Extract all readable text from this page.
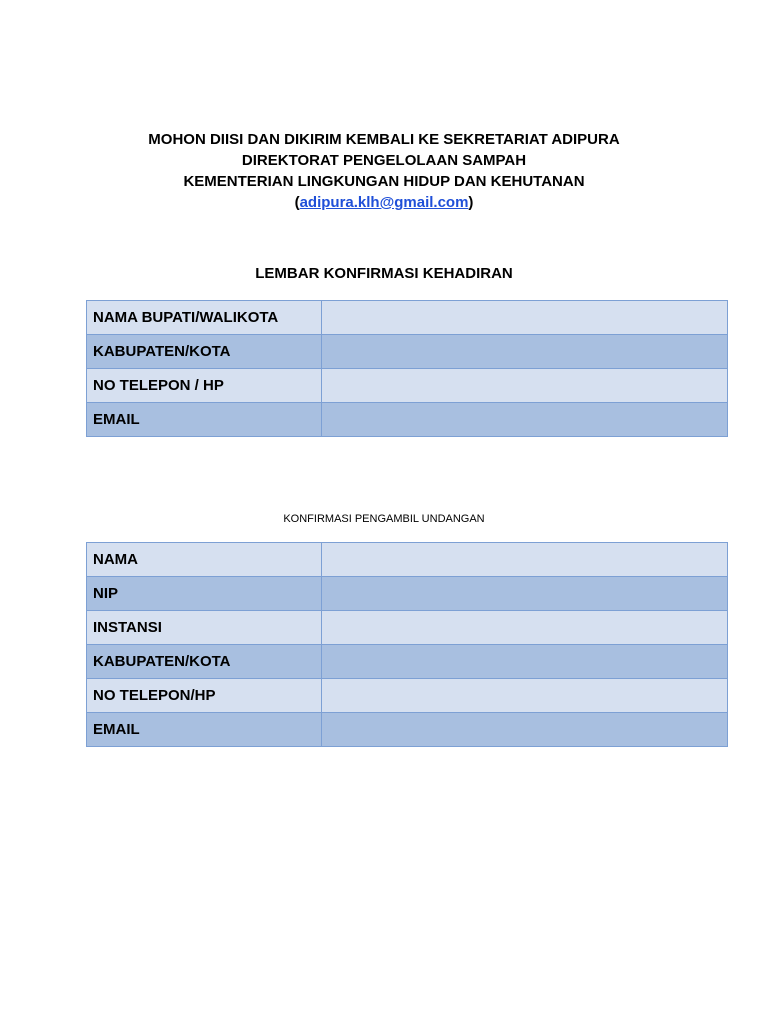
MOHON DIISI DAN DIKIRIM KEMBALI KE SEKRETARIAT ADIPURA
DIREKTORAT PENGELOLAAN SAMPAH
KEMENTERIAN LINGKUNGAN HIDUP DAN KEHUTANAN
(adipura.klh@gmail.com)
LEMBAR KONFIRMASI KEHADIRAN
NAMA BUPATI/WALIKOTA	
KABUPATEN/KOTA	
NO TELEPON / HP	
EMAIL	
KONFIRMASI PENGAMBIL UNDANGAN
NAMA	
NIP	
INSTANSI	
KABUPATEN/KOTA	
NO TELEPON/HP	
EMAIL	
